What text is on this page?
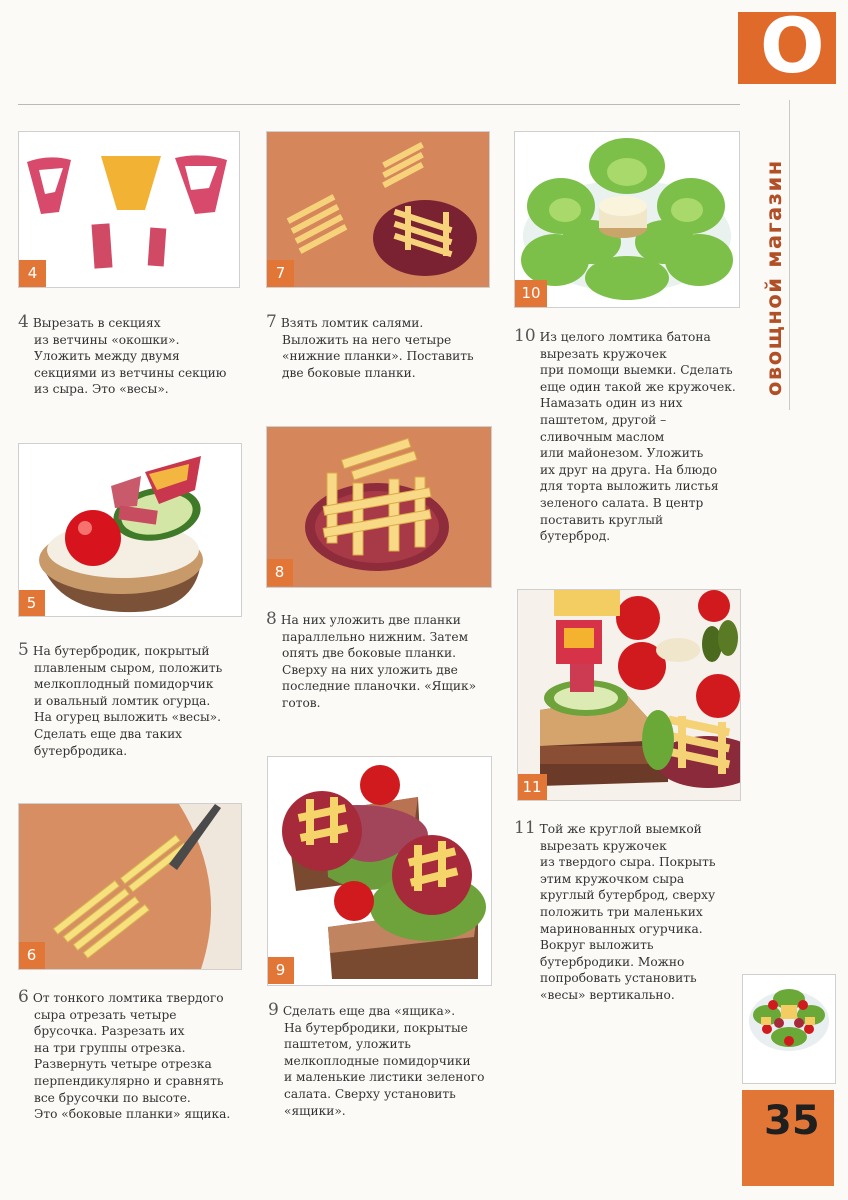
О
овощной магазин
4	7
10
4 Вырезать в секциях
из ветчины «окошки».
Уложить между двумя
секциями из ветчины секцию
из сыра. Это «весы».
7 Взять ломтик салями.
Выложить на него четыре
«нижние планки». Поставить
две боковые планки.
10 Из целого ломтика батона
вырезать кружочек
при помощи выемки. Сделать
еще один такой же кружочек.
Намазать один из них
паштетом, другой –
сливочным маслом
или майонезом. Уложить
их друг на друга. На блюдо
для торта выложить листья
зеленого салата. В центр
поставить круглый
бутерброд.
5
8
11
5 На бутербродик, покрытый
плавленым сыром, положить
мелкоплодный помидорчик
и овальный ломтик огурца.
На огурец выложить «весы».
Сделать еще два таких
бутербродика.
8 На них уложить две планки
параллельно нижним. Затем
опять две боковые планки.
Сверху на них уложить две
последние планочки. «Ящик»
готов.
6
9
6 От тонкого ломтика твердого
сыра отрезать четыре
брусочка. Разрезать их
на три группы отрезка.
Развернуть четыре отрезка
перпендикулярно и сравнять
все брусочки по высоте.
Это «боковые планки» ящика.
9 Сделать еще два «ящика».
На бутербродики, покрытые
паштетом, уложить
мелкоплодные помидорчики
и маленькие листики зеленого
салата. Сверху установить
«ящики».
11 Той же круглой выемкой
вырезать кружочек
из твердого сыра. Покрыть
этим кружочком сыра
круглый бутерброд, сверху
положить три маленьких
маринованных огурчика.
Вокруг выложить
бутербродики. Можно
попробовать установить
«весы» вертикально.
35
